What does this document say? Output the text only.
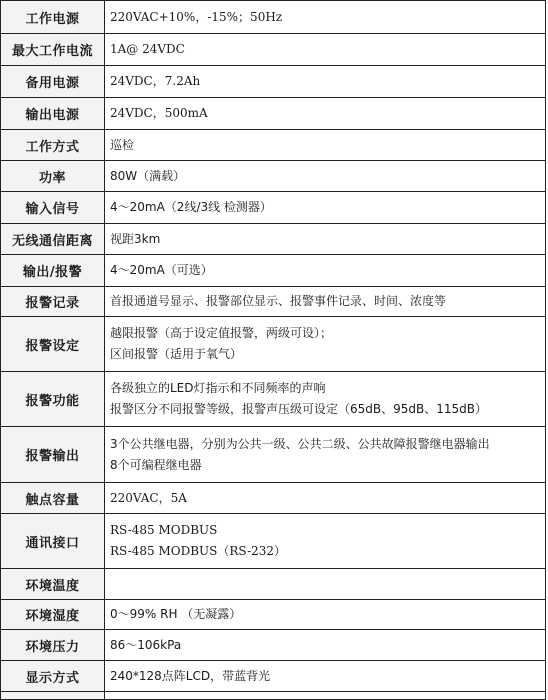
工作电源	220VAC+10%，-15%；50Hz

最大工作电流	1A@ 24VDC

备用电源	24VDC，7.2Ah

输出电源	24VDC，500mA

工作方式	巡检

功率	80W（满载）

输入信号	4～20mA（2线/3线 检测器）

无线通信距离	视距3km

输出/报警	4～20mA（可选）

报警记录	首报通道号显示、报警部位显示、报警事件记录、时间、浓度等

报警设定	越限报警（高于设定值报警，两级可设）；
区间报警（适用于氧气）

报警功能	各级独立的LED灯指示和不同频率的声响
报警区分不同报警等级，报警声压级可设定（65dB、95dB、115dB）

报警输出	3个公共继电器，分别为公共一级、公共二级、公共故障报警继电器输出
8个可编程继电器

触点容量	220VAC，5A

通讯接口	RS-485 MODBUS
RS-485 MODBUS（RS-232）

环境温度	

环境湿度	0～99% RH （无凝露）

环境压力	86～106kPa

显示方式	240*128点阵LCD，带蓝背光
